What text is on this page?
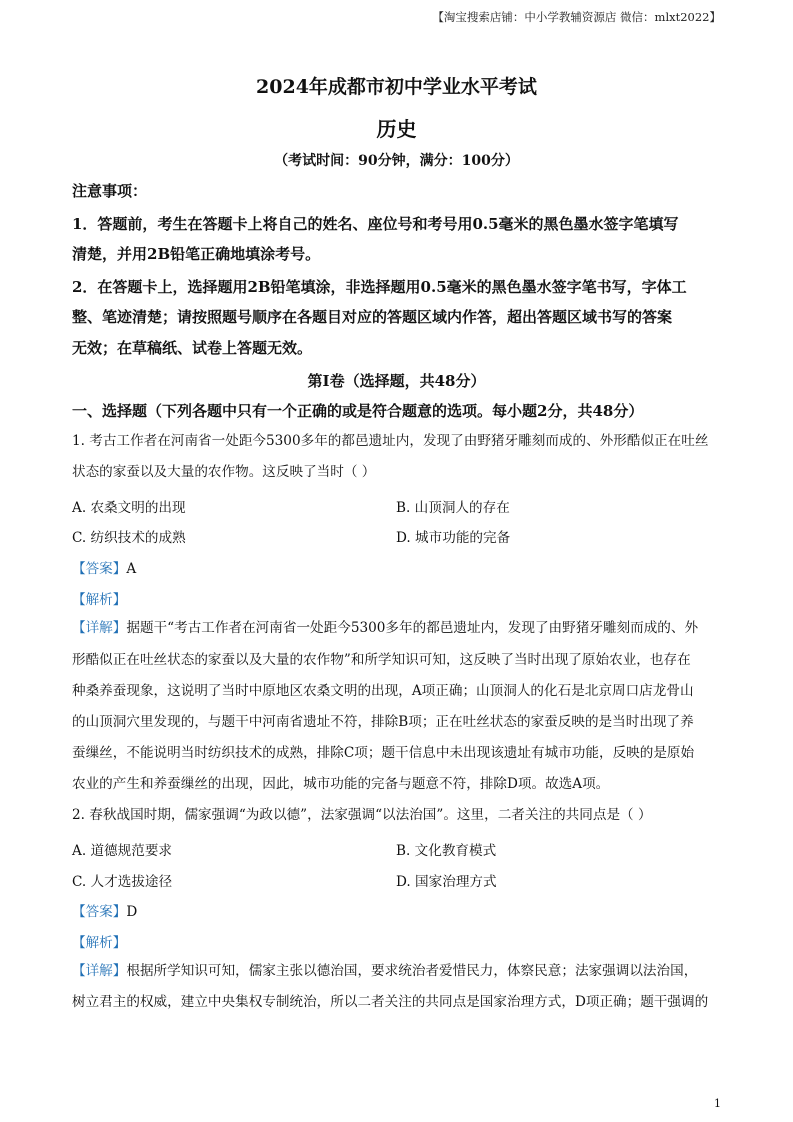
【淘宝搜索店铺：中小学教辅资源店 微信：mlxt2022】
2024年成都市初中学业水平考试
历史
（考试时间：90分钟，满分：100分）
注意事项：
1．答题前，考生在答题卡上将自己的姓名、座位号和考号用0.5毫米的黑色墨水签字笔填写
清楚，并用2B铅笔正确地填涂考号。
2．在答题卡上，选择题用2B铅笔填涂，非选择题用0.5毫米的黑色墨水签字笔书写，字体工
整、笔迹清楚；请按照题号顺序在各题目对应的答题区域内作答，超出答题区域书写的答案
无效；在草稿纸、试卷上答题无效。
第Ⅰ卷（选择题，共48分）
一、选择题（下列各题中只有一个正确的或是符合题意的选项。每小题2分，共48分）
1. 考古工作者在河南省一处距今5300多年的都邑遗址内，发现了由野猪牙雕刻而成的、外形酷似正在吐丝
状态的家蚕以及大量的农作物。这反映了当时（ ）
A. 农桑文明的出现	B. 山顶洞人的存在
C. 纺织技术的成熟	D. 城市功能的完备
【答案】A
【解析】
【详解】据题干“考古工作者在河南省一处距今5300多年的都邑遗址内，发现了由野猪牙雕刻而成的、外
形酷似正在吐丝状态的家蚕以及大量的农作物”和所学知识可知，这反映了当时出现了原始农业，也存在
种桑养蚕现象，这说明了当时中原地区农桑文明的出现，A项正确；山顶洞人的化石是北京周口店龙骨山
的山顶洞穴里发现的，与题干中河南省遗址不符，排除B项；正在吐丝状态的家蚕反映的是当时出现了养
蚕缫丝，不能说明当时纺织技术的成熟，排除C项；题干信息中未出现该遗址有城市功能，反映的是原始
农业的产生和养蚕缫丝的出现，因此，城市功能的完备与题意不符，排除D项。故选A项。
2. 春秋战国时期，儒家强调“为政以德”，法家强调“以法治国”。这里，二者关注的共同点是（ ）
A. 道德规范要求	B. 文化教育模式
C. 人才选拔途径	D. 国家治理方式
【答案】D
【解析】
【详解】根据所学知识可知，儒家主张以德治国，要求统治者爱惜民力，体察民意；法家强调以法治国，
树立君主的权威，建立中央集权专制统治，所以二者关注的共同点是国家治理方式，D项正确；题干强调的
1
